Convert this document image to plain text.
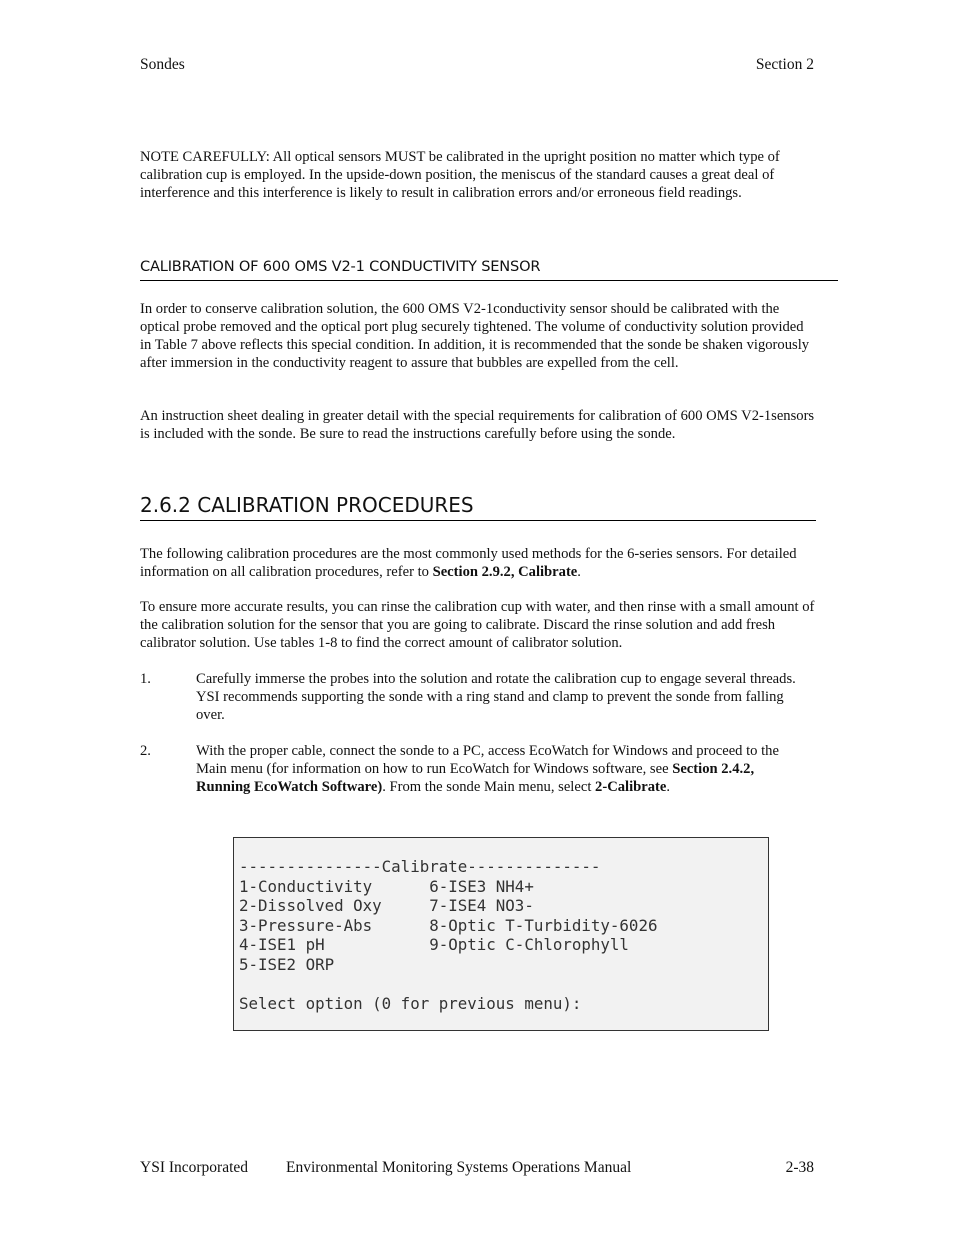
Sondes	Section 2
NOTE CAREFULLY: All optical sensors MUST be calibrated in the upright position no matter which type of calibration cup is employed. In the upside-down position, the meniscus of the standard causes a great deal of interference and this interference is likely to result in calibration errors and/or erroneous field readings.
CALIBRATION OF 600 OMS V2-1 CONDUCTIVITY SENSOR
In order to conserve calibration solution, the 600 OMS V2-1conductivity sensor should be calibrated with the optical probe removed and the optical port plug securely tightened. The volume of conductivity solution provided in Table 7 above reflects this special condition. In addition, it is recommended that the sonde be shaken vigorously after immersion in the conductivity reagent to assure that bubbles are expelled from the cell.
An instruction sheet dealing in greater detail with the special requirements for calibration of 600 OMS V2-1sensors is included with the sonde. Be sure to read the instructions carefully before using the sonde.
2.6.2 CALIBRATION PROCEDURES
The following calibration procedures are the most commonly used methods for the 6-series sensors. For detailed information on all calibration procedures, refer to Section 2.9.2, Calibrate.
To ensure more accurate results, you can rinse the calibration cup with water, and then rinse with a small amount of the calibration solution for the sensor that you are going to calibrate. Discard the rinse solution and add fresh calibrator solution. Use tables 1-8 to find the correct amount of calibrator solution.
1.	Carefully immerse the probes into the solution and rotate the calibration cup to engage several threads. YSI recommends supporting the sonde with a ring stand and clamp to prevent the sonde from falling over.
2.	With the proper cable, connect the sonde to a PC, access EcoWatch for Windows and proceed to the Main menu (for information on how to run EcoWatch for Windows software, see Section 2.4.2, Running EcoWatch Software). From the sonde Main menu, select 2-Calibrate.
---------------Calibrate--------------
1-Conductivity      6-ISE3 NH4+
2-Dissolved Oxy     7-ISE4 NO3-
3-Pressure-Abs      8-Optic T-Turbidity-6026
4-ISE1 pH           9-Optic C-Chlorophyll
5-ISE2 ORP

Select option (0 for previous menu):
YSI Incorporated Environmental Monitoring Systems Operations Manual	2-38
